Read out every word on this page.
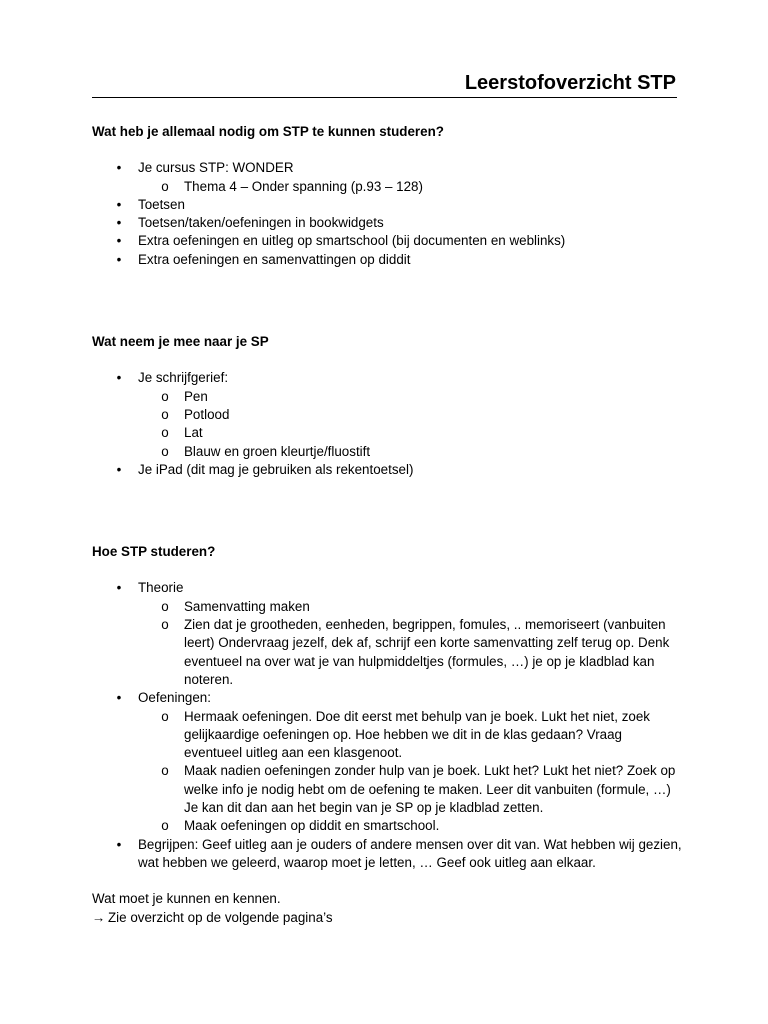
Leerstofoverzicht STP

Wat heb je allemaal nodig om STP te kunnen studeren?

• Je cursus STP: WONDER
o Thema 4 – Onder spanning (p.93 – 128)
• Toetsen
• Toetsen/taken/oefeningen in bookwidgets
• Extra oefeningen en uitleg op smartschool (bij documenten en weblinks)
• Extra oefeningen en samenvattingen op diddit

Wat neem je mee naar je SP

• Je schrijfgerief:
o Pen
o Potlood
o Lat
o Blauw en groen kleurtje/fluostift
• Je iPad (dit mag je gebruiken als rekentoetsel)

Hoe STP studeren?

• Theorie
o Samenvatting maken
o Zien dat je grootheden, eenheden, begrippen, fomules, .. memoriseert (vanbuiten leert) Ondervraag jezelf, dek af, schrijf een korte samenvatting zelf terug op. Denk eventueel na over wat je van hulpmiddeltjes (formules, …) je op je kladblad kan noteren.
• Oefeningen:
o Hermaak oefeningen. Doe dit eerst met behulp van je boek. Lukt het niet, zoek gelijkaardige oefeningen op. Hoe hebben we dit in de klas gedaan? Vraag eventueel uitleg aan een klasgenoot.
o Maak nadien oefeningen zonder hulp van je boek. Lukt het? Lukt het niet? Zoek op welke info je nodig hebt om de oefening te maken. Leer dit vanbuiten (formule, …) Je kan dit dan aan het begin van je SP op je kladblad zetten.
o Maak oefeningen op diddit en smartschool.
• Begrijpen: Geef uitleg aan je ouders of andere mensen over dit van. Wat hebben wij gezien, wat hebben we geleerd, waarop moet je letten, … Geef ook uitleg aan elkaar.

Wat moet je kunnen en kennen.

→ Zie overzicht op de volgende pagina’s
